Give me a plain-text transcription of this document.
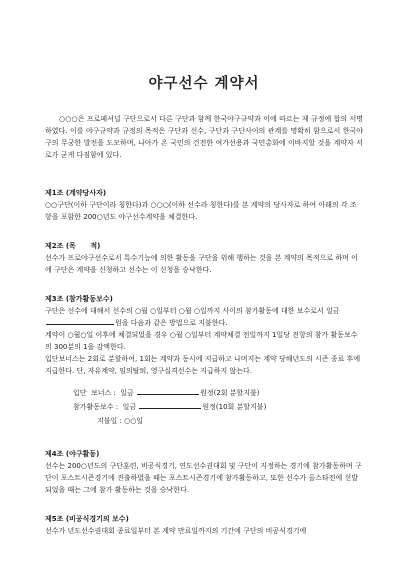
야구선수 계약서

○○○은 프로페셔널 구단으로서 다른 구단과 함께 한국야구규약과 이에 따르는 제 규정에 합의 서명하였다. 이를 야구규약과 규정의 목적은 구단과 선수, 구단과 구단사이의 관계를 명확히 함으로서 한국야구의 무궁한 발전을 도모하며, 나아가 온 국민의 건전한 여가선용과 국민총화에 이바지할 것을 계약자 서로가 굳게 다짐함에 있다.

제1조 (계약당사자)

○○구단(이하 구단이라 칭한다)과 ○○○(이하 선수라 칭한다)를 본 계약의 당사자로 하여 아래의 각 조항을 포함한 200○년도 야구선수계약을 체결한다.

제2조 (목      적)

선수가 프로야구선수로서 특수기능에 의한 활동을 구단을 위해 행하는 것을 본 계약의 목적으로 하며 이에 구단은 계약을 신청하고 선수는 이 신청을 승낙한다.

제3조 (참가활동보수)

구단은 선수에 대해서 선수의 ○월 ○일부터 ○월 ○일까지 사이의 참가활동에 대한 보수로서 일금 원을 다음과 같은 방법으로 지불한다.

계약이 ○월○일 이후에 체결되었을 경우 ○월 ○일부터 계약체결 전일까지 1일당 전항의 참가 활동보수의 300분의 1을 감액한다.

입단보너스는 2회로 분할하여, 1회는 계약과 동시에 지급하고 나머지는 계약 당해년도의 시즌 종료 후에 지급한다. 단, 자유계약, 임의탈퇴, 영구실격선수는 지급하지 않는다.

입단  보너스 :  일금	원정(2회 분할지불)
참가활동보수 :  일금	원정(10회 분할지불)
지불일 : ○○일

제4조 (야구활동)

선수는 200○년도의 구단훈련, 비공식경기, 연도선수권대회 및 구단이 지정하는 경기에 참가활동하며 구단이 포스트시즌경기에 진출하였을 때는 포스트시즌경기에 참가활동하고, 또한 선수가 올스타전에 선발되었을 때는 그에 참가 활동하는 것을 승낙한다.

제5조 (비공식경기의 보수)

선수가 년도선수권대회 종료일부터 본 계약 만료일까지의 기간에 구단의 비공식경기에
